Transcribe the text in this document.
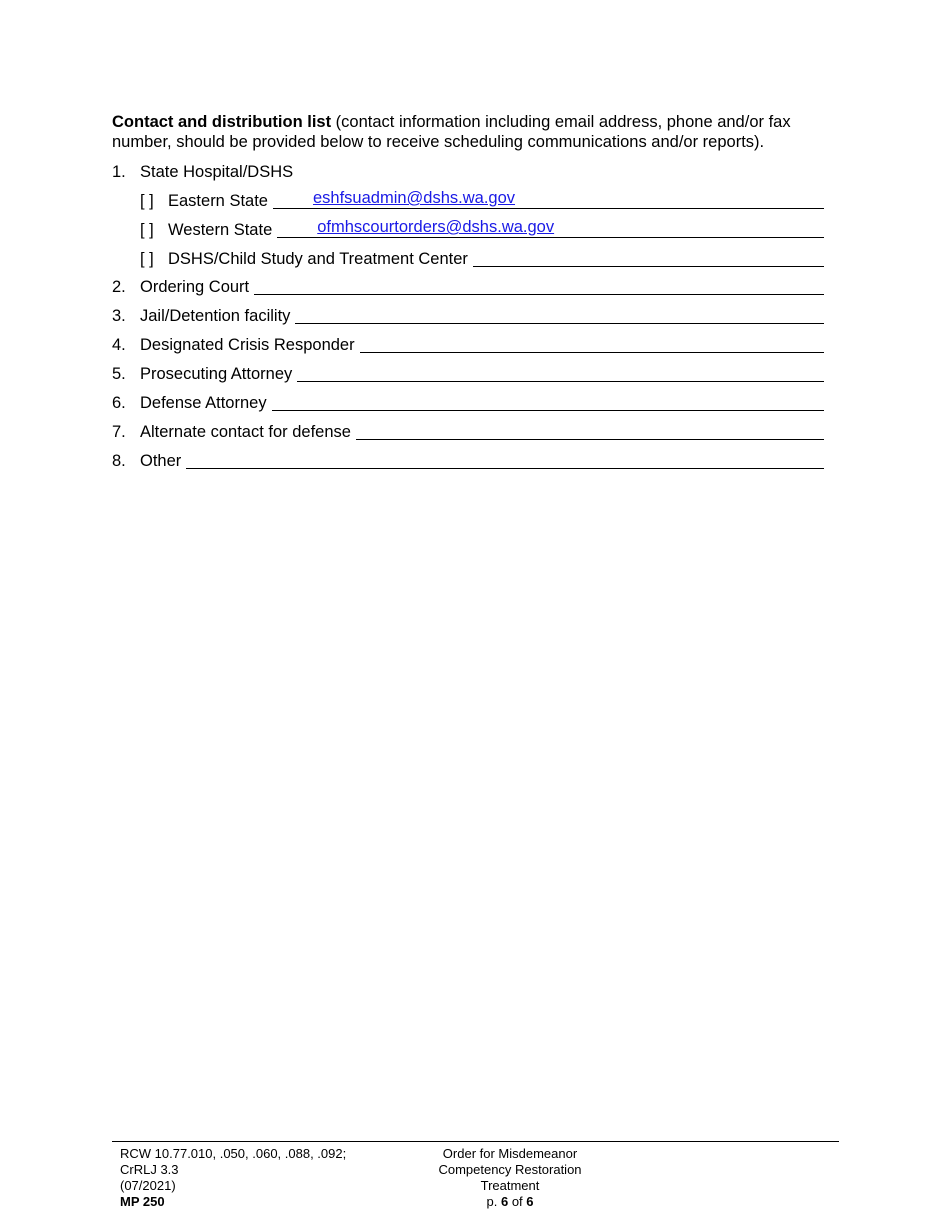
Contact and distribution list (contact information including email address, phone and/or fax number, should be provided below to receive scheduling communications and/or reports).
1. State Hospital/DSHS
[ ] Eastern State	eshfsuadmin@dshs.wa.gov
[ ] Western State	ofmhscourtorders@dshs.wa.gov
[ ] DSHS/Child Study and Treatment Center
2. Ordering Court
3. Jail/Detention facility
4. Designated Crisis Responder
5. Prosecuting Attorney
6. Defense Attorney
7. Alternate contact for defense
8. Other
RCW 10.77.010, .050, .060, .088, .092;
CrRLJ 3.3
(07/2021)
MP 250
Order for Misdemeanor
Competency Restoration
Treatment
p. 6 of 6
